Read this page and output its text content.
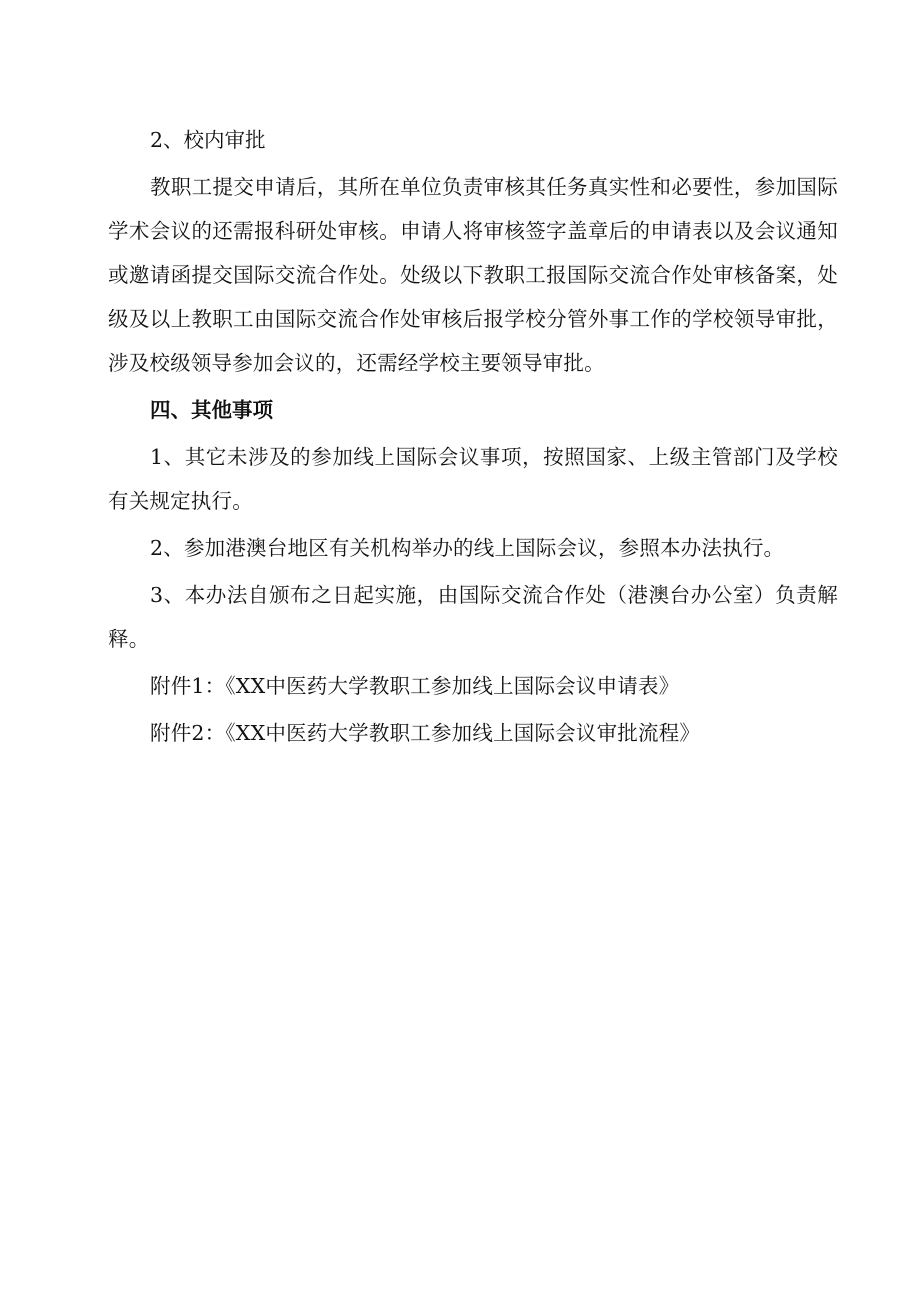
2、校内审批

教职工提交申请后，其所在单位负责审核其任务真实性和必要性，参加国际学术会议的还需报科研处审核。申请人将审核签字盖章后的申请表以及会议通知或邀请函提交国际交流合作处。处级以下教职工报国际交流合作处审核备案，处级及以上教职工由国际交流合作处审核后报学校分管外事工作的学校领导审批，涉及校级领导参加会议的，还需经学校主要领导审批。

四、其他事项

1、其它未涉及的参加线上国际会议事项，按照国家、上级主管部门及学校有关规定执行。

2、参加港澳台地区有关机构举办的线上国际会议，参照本办法执行。

3、本办法自颁布之日起实施，由国际交流合作处（港澳台办公室）负责解释。

附件1：《XX中医药大学教职工参加线上国际会议申请表》

附件2：《XX中医药大学教职工参加线上国际会议审批流程》
